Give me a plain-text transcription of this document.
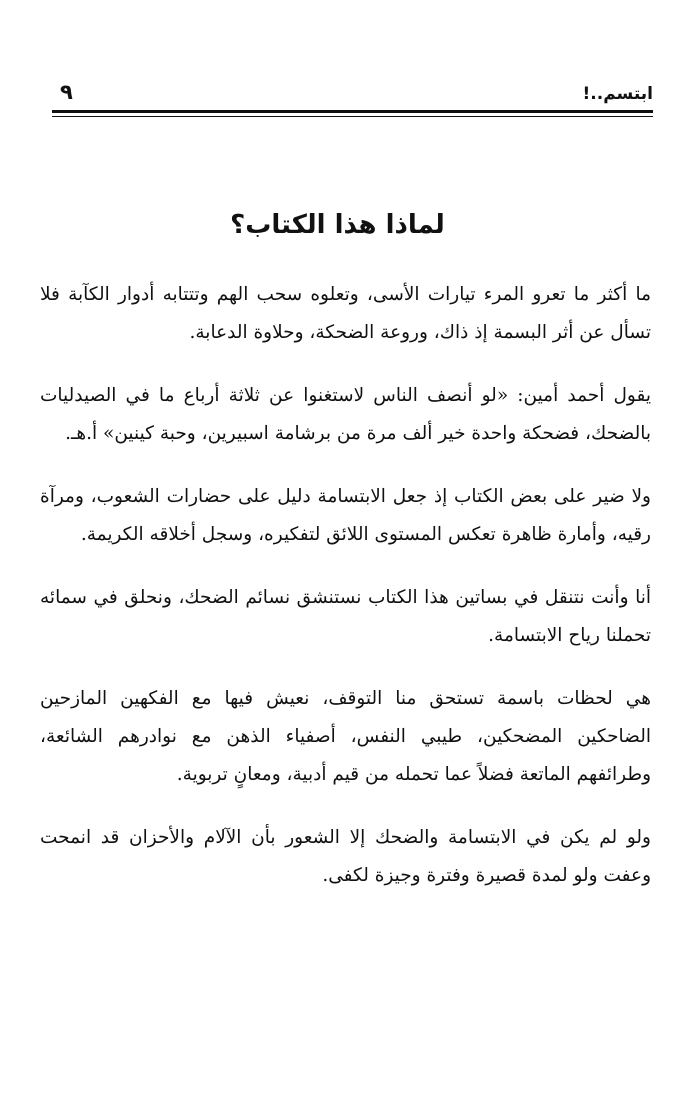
ابتسم..!
٩
لماذا هذا الكتاب؟

ما أكثر ما تعرو المرء تيارات الأسى، وتعلوه سحب الهم وتتتابه أدوار الكآبة فلا تسأل عن أثر البسمة إذ ذاك، وروعة الضحكة، وحلاوة الدعابة.

يقول أحمد أمين: «لو أنصف الناس لاستغنوا عن ثلاثة أرباع ما في الصيدليات بالضحك، فضحكة واحدة خير ألف مرة من برشامة اسبيرين، وحبة كينين» أ.هـ.

ولا ضير على بعض الكتاب إذ جعل الابتسامة دليل على حضارات الشعوب، ومرآة رقيه، وأمارة ظاهرة تعكس المستوى اللائق لتفكيره، وسجل أخلاقه الكريمة.

أنا وأنت نتنقل في بساتين هذا الكتاب نستنشق نسائم الضحك، ونحلق في سمائه تحملنا رياح الابتسامة.

هي لحظات باسمة تستحق منا التوقف، نعيش فيها مع الفكهين المازحين الضاحكين المضحكين، طيبي النفس، أصفياء الذهن مع نوادرهم الشائعة، وطرائفهم الماتعة فضلاً عما تحمله من قيم أدبية، ومعانٍ تربوية.

ولو لم يكن في الابتسامة والضحك إلا الشعور بأن الآلام والأحزان قد انمحت وعفت ولو لمدة قصيرة وفترة وجيزة لكفى.
